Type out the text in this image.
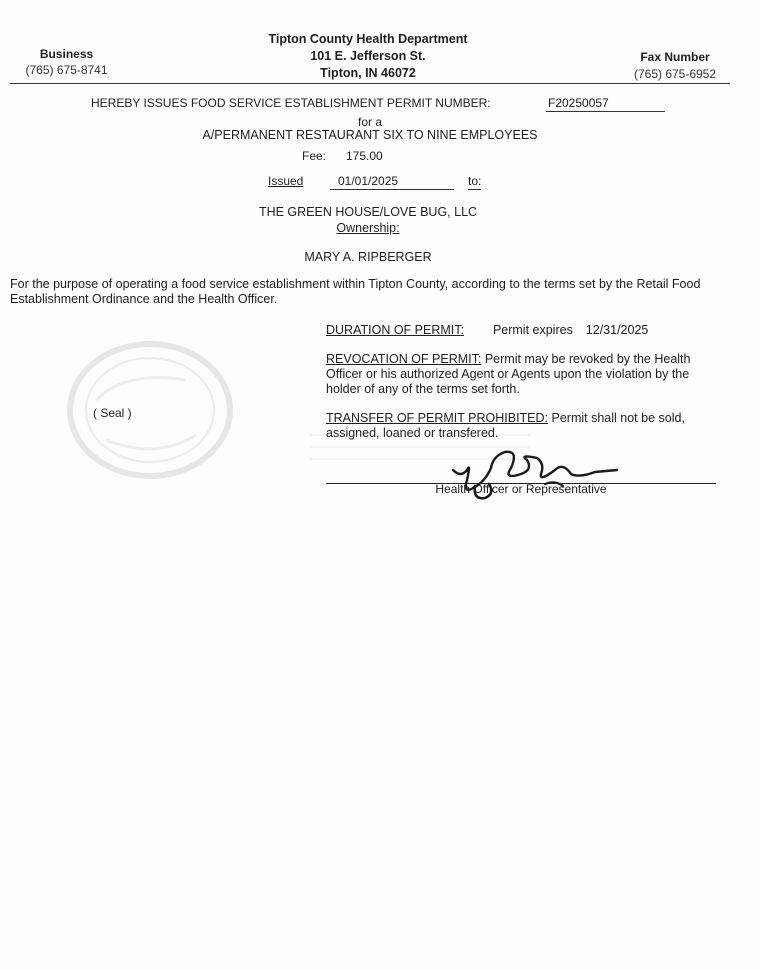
Tipton County Health Department
101 E. Jefferson St.
Tipton, IN 46072
Business
(765) 675-8741
Fax Number
(765) 675-6952
HEREBY ISSUES FOOD SERVICE ESTABLISHMENT PERMIT NUMBER:	F20250057
for a
A/PERMANENT RESTAURANT SIX TO NINE EMPLOYEES
Fee: 175.00
Issued	01/01/2025	to:
THE GREEN HOUSE/LOVE BUG, LLC
Ownership:
MARY A. RIPBERGER
For the purpose of operating a food service establishment within Tipton County, according to the terms set by the Retail Food Establishment Ordinance and the Health Officer.
DURATION OF PERMIT: Permit expires 12/31/2025
REVOCATION OF PERMIT: Permit may be revoked by the Health Officer or his authorized Agent or Agents upon the violation by the holder of any of the terms set forth.
TRANSFER OF PERMIT PROHIBITED: Permit shall not be sold, assigned, loaned or transfered.
( Seal )
Health Officer or Representative
